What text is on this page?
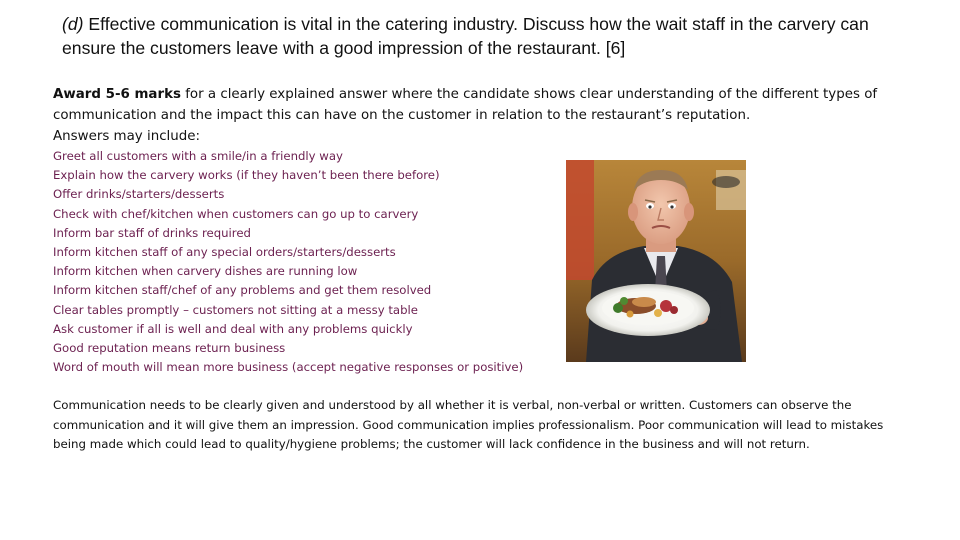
(d) Effective communication is vital in the catering industry. Discuss how the wait staff in the carvery can ensure the customers leave with a good impression of the restaurant. [6]
Award 5-6 marks for a clearly explained answer where the candidate shows clear understanding of the different types of communication and the impact this can have on the customer in relation to the restaurant’s reputation.
Answers may include:
Greet all customers with a smile/in a friendly way
Explain how the carvery works (if they haven’t been there before)
Offer drinks/starters/desserts
Check with chef/kitchen when customers can go up to carvery
Inform bar staff of drinks required
Inform kitchen staff of any special orders/starters/desserts
Inform kitchen when carvery dishes are running low
Inform kitchen staff/chef of any problems and get them resolved
Clear tables promptly – customers not sitting at a messy table
Ask customer if all is well and deal with any problems quickly
Good reputation means return business
Word of mouth will mean more business (accept negative responses or positive)
Communication needs to be clearly given and understood by all whether it is verbal, non-verbal or written. Customers can observe the communication and it will give them an impression. Good communication implies professionalism. Poor communication will lead to mistakes being made which could lead to quality/hygiene problems; the customer will lack confidence in the business and will not return.
